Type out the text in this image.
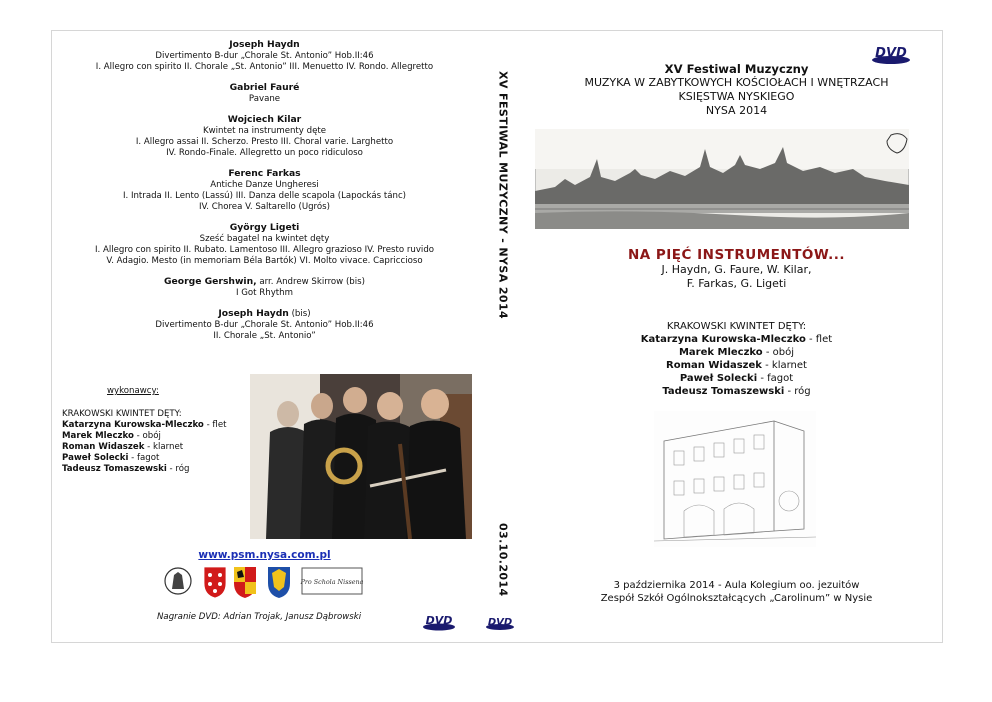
Joseph Haydn
Divertimento B-dur „Chorale St. Antonio” Hob.II:46
I. Allegro con spirito II. Chorale „St. Antonio” III. Menuetto IV. Rondo. Allegretto
Gabriel Fauré
Pavane
Wojciech Kilar
Kwintet na instrumenty dęte
I. Allegro assai II. Scherzo. Presto III. Choral varie. Larghetto
IV. Rondo-Finale. Allegretto un poco ridiculoso
Ferenc Farkas
Antiche Danze Ungheresi
I. Intrada II. Lento (Lassú) III. Danza delle scapola (Lapockás tánc)
IV. Chorea V. Saltarello (Ugrós)
György Ligeti
Sześć bagatel na kwintet dęty
I. Allegro con spirito II. Rubato. Lamentoso III. Allegro grazioso IV. Presto ruvido
V. Adagio. Mesto (in memoriam Béla Bartók) VI. Molto vivace. Capriccioso
George Gershwin, arr. Andrew Skirrow (bis)
I Got Rhythm
Joseph Haydn (bis)
Divertimento B-dur „Chorale St. Antonio” Hob.II:46
II. Chorale „St. Antonio”
wykonawcy:
KRAKOWSKI KWINTET DĘTY:
Katarzyna Kurowska-Mleczko - flet
Marek Mleczko - obój
Roman Widaszek - klarnet
Paweł Solecki - fagot
Tadeusz Tomaszewski - róg
www.psm.nysa.com.pl
Pro Schola Nissena
Nagranie DVD: Adrian Trojak, Janusz Dąbrowski	DVD
XV FESTIWAL MUZYCZNY - NYSA 2014
03.10.2014
DVD
DVD
XV Festiwal Muzyczny
MUZYKA W ZABYTKOWYCH KOŚCIOŁACH I WNĘTRZACH
KSIĘSTWA NYSKIEGO
NYSA 2014
NA PIĘĆ INSTRUMENTÓW...
J. Haydn, G. Faure, W. Kilar,
F. Farkas, G. Ligeti
KRAKOWSKI KWINTET DĘTY:
Katarzyna Kurowska-Mleczko - flet
Marek Mleczko - obój
Roman Widaszek - klarnet
Paweł Solecki - fagot
Tadeusz Tomaszewski - róg
3 października 2014 - Aula Kolegium oo. jezuitów
Zespół Szkół Ogólnokształcących „Carolinum” w Nysie
